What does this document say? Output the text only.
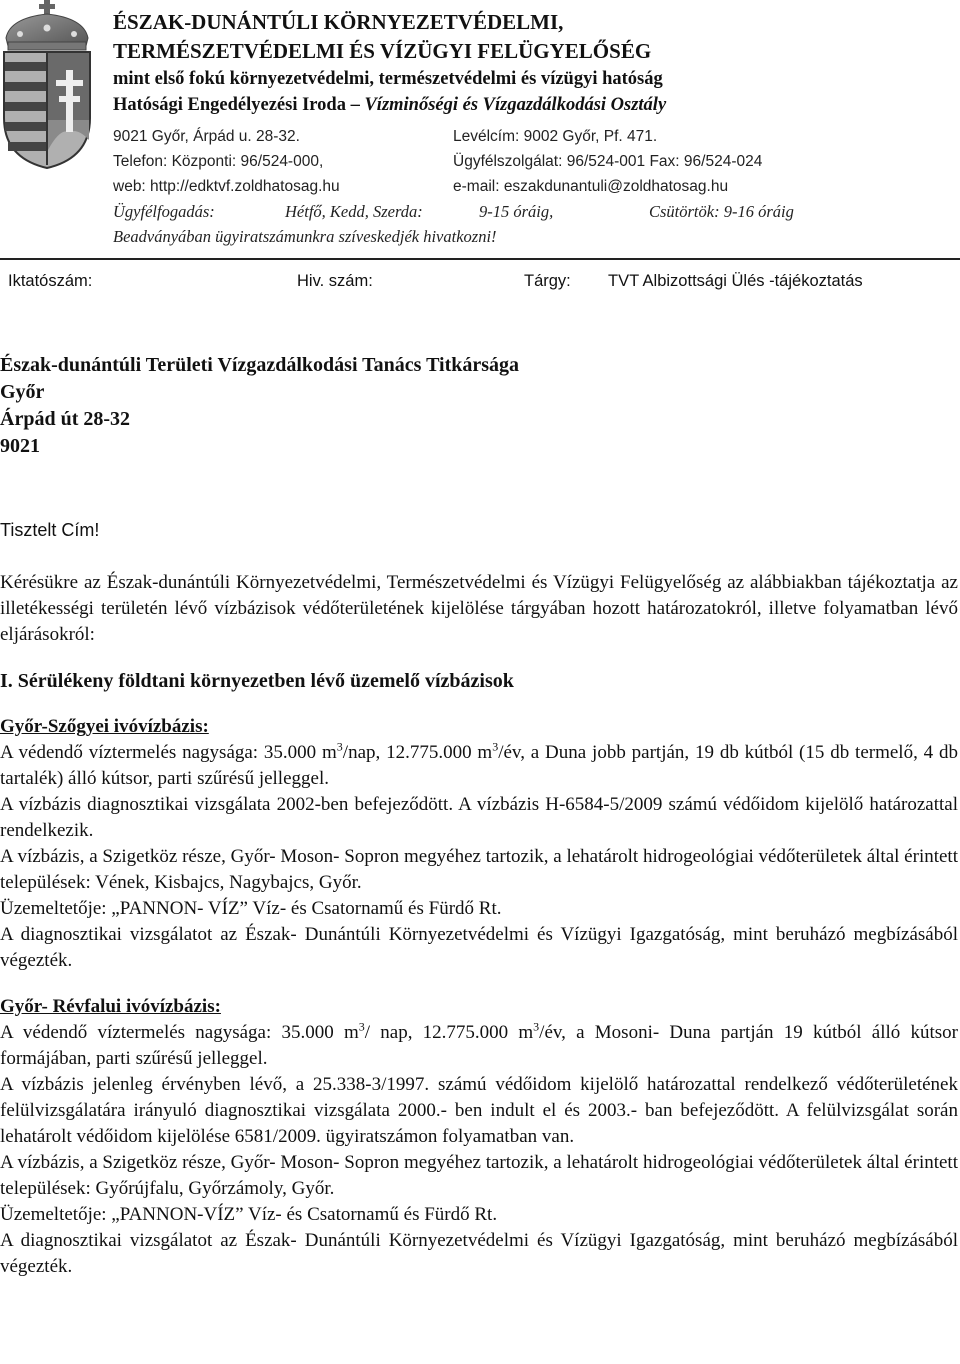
ÉSZAK-DUNÁNTÚLI KÖRNYEZETVÉDELMI,
TERMÉSZETVÉDELMI ÉS VÍZÜGYI FELÜGYELŐSÉG
mint első fokú környezetvédelmi, természetvédelmi és vízügyi hatóság
Hatósági Engedélyezési Iroda – Vízminőségi és Vízgazdálkodási Osztály
9021 Győr, Árpád u. 28-32.	Levélcím: 9002 Győr, Pf. 471.
Telefon: Központi: 96/524-000,	Ügyfélszolgálat: 96/524-001 Fax: 96/524-024
web: http://edktvf.zoldhatosag.hu	e-mail: eszakdunantuli@zoldhatosag.hu
Ügyfélfogadás:	Hétfő, Kedd, Szerda:	9-15 óráig,	Csütörtök: 9-16 óráig
Beadványában ügyiratszámunkra szíveskedjék hivatkozni!
Iktatószám:	Hiv. szám:	Tárgy: TVT Albizottsági Ülés -tájékoztatás
Észak-dunántúli Területi Vízgazdálkodási Tanács Titkársága
Győr
Árpád út 28-32
9021
Tisztelt Cím!

Kérésükre az Észak-dunántúli Környezetvédelmi, Természetvédelmi és Vízügyi Felügyelőség az alábbiakban tájékoztatja az illetékességi területén lévő vízbázisok védőterületének kijelölése tárgyában hozott határozatokról, illetve folyamatban lévő eljárásokról:

I. Sérülékeny földtani környezetben lévő üzemelő vízbázisok

Győr-Szőgyei ivóvízbázis:

A védendő víztermelés nagysága: 35.000 $m^3$/nap, 12.775.000 $m^3/év$, a Duna jobb partján, 19 db kútból (15 db termelő, 4 db tartalék) álló kútsor, parti szűrésű jelleggel.

A vízbázis diagnosztikai vizsgálata 2002-ben befejeződött. A vízbázis H-6584-5/2009 számú védőidom kijelölő határozattal rendelkezik.

A vízbázis, a Szigetköz része, Győr- Moson- Sopron megyéhez tartozik, a lehatárolt hidrogeológiai védőterületek által érintett települések: Vének, Kisbajcs, Nagybajcs, Győr.

Üzemeltetője: „PANNON- VÍZ” Víz- és Csatornamű és Fürdő Rt.

A diagnosztikai vizsgálatot az Észak- Dunántúli Környezetvédelmi és Vízügyi Igazgatóság, mint beruházó megbízásából végezték.

Győr- Révfalui ivóvízbázis:

A védendő víztermelés nagysága: 35.000 $m^3/$ nap, 12.775.000 $m^3/év$, a Mosoni- Duna partján 19 kútból álló kútsor formájában, parti szűrésű jelleggel.

A vízbázis jelenleg érvényben lévő, a 25.338-3/1997. számú védőidom kijelölő határozattal rendelkező védőterületének felülvizsgálatára irányuló diagnosztikai vizsgálata 2000.- ben indult el és 2003.- ban befejeződött. A felülvizsgálat során lehatárolt védőidom kijelölése 6581/2009. ügyiratszámon folyamatban van.

A vízbázis, a Szigetköz része, Győr- Moson- Sopron megyéhez tartozik, a lehatárolt hidrogeológiai védőterületek által érintett települések: Győrújfalu, Győrzámoly, Győr.

Üzemeltetője: „PANNON-VÍZ” Víz- és Csatornamű és Fürdő Rt.

A diagnosztikai vizsgálatot az Észak- Dunántúli Környezetvédelmi és Vízügyi Igazgatóság, mint beruházó megbízásából végezték.
